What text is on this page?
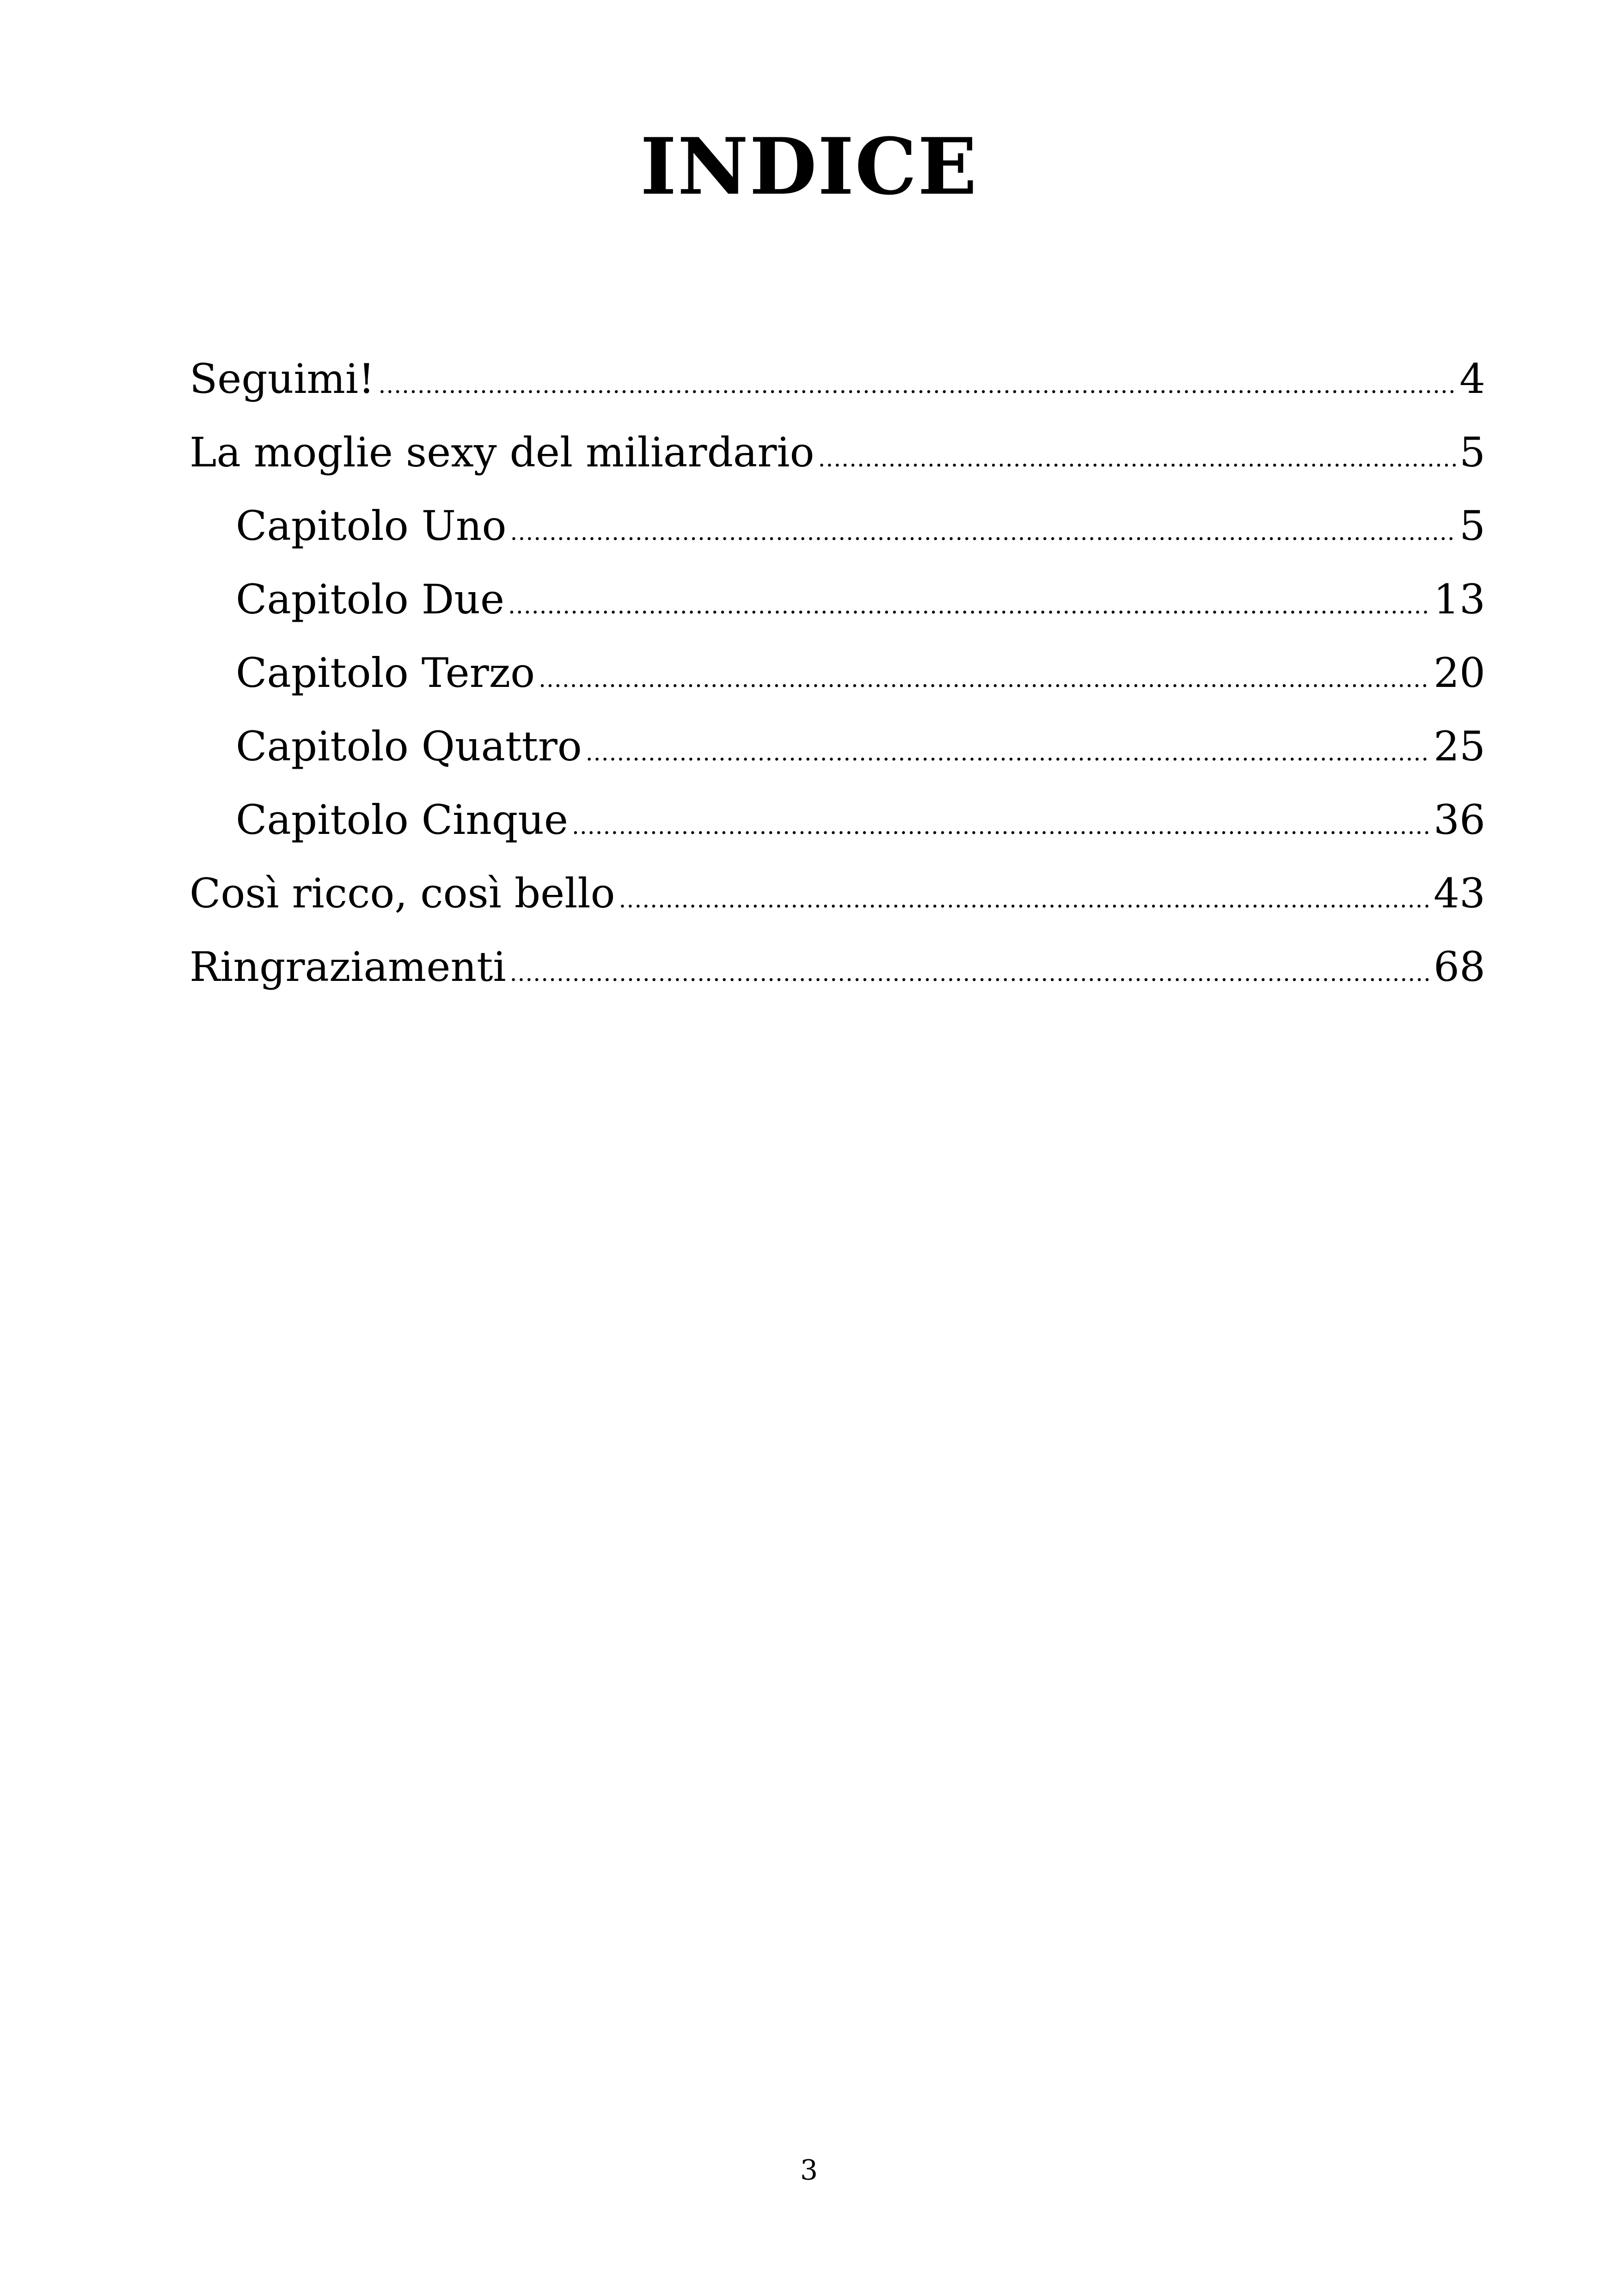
INDICE
Seguimi! .....	4
La moglie sexy del miliardario .....	5
Capitolo Uno .....	5
Capitolo Due .....	13
Capitolo Terzo .....	20
Capitolo Quattro .....	25
Capitolo Cinque .....	36
Così ricco, così bello .....	43
Ringraziamenti .....	68
3
